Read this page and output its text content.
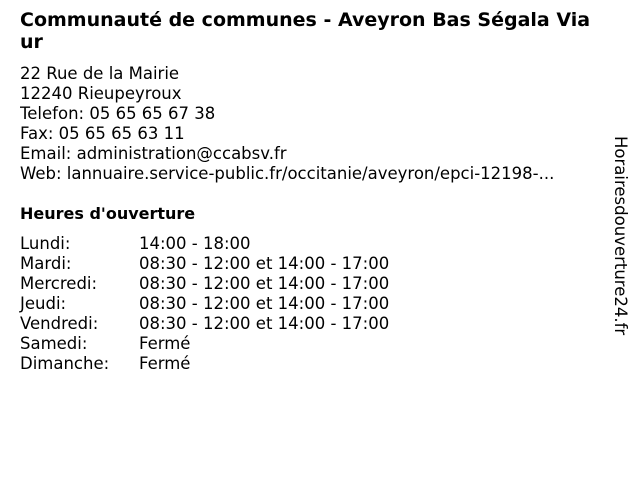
Communauté de communes - Aveyron Bas Ségala Viaur
22 Rue de la Mairie
12240 Rieupeyroux
Telefon: 05 65 65 67 38
Fax: 05 65 65 63 11
Email: administration@ccabsv.fr
Web: lannuaire.service-public.fr/occitanie/aveyron/epci-12198-...
Heures d'ouverture
Lundi:	14:00 - 18:00
Mardi:	08:30 - 12:00 et 14:00 - 17:00
Mercredi:	08:30 - 12:00 et 14:00 - 17:00
Jeudi:	08:30 - 12:00 et 14:00 - 17:00
Vendredi:	08:30 - 12:00 et 14:00 - 17:00
Samedi:	Fermé
Dimanche:	Fermé
Horairesdouverture24.fr
